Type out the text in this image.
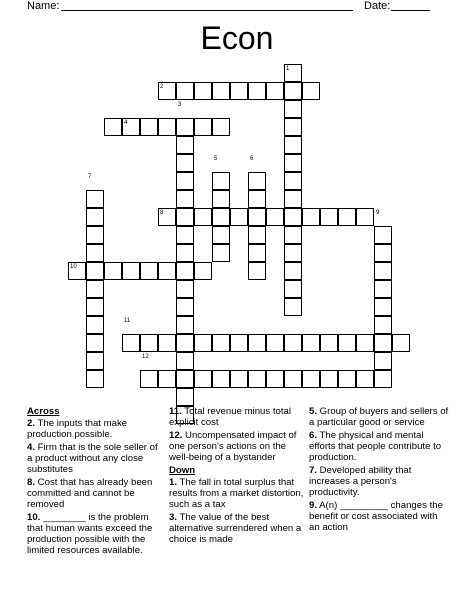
Name:	Date:
Econ
1
2
3
4
5	6
7
8	9
10
11
12
Across
2. The inputs that make production possible.
4. Firm that is the sole seller of a product without any close substitutes
8. Cost that has already been committed and cannot be removed
10. ________ is the problem that human wants exceed the production possible with the limited resources available.
11. Total revenue minus total explicit cost
12. Uncompensated impact of one person's actions on the well-being of a bystander
Down
1. The fall in total surplus that results from a market distortion, such as a tax
3. The value of the best alternative surrendered when a choice is made
5. Group of buyers and sellers of a particular good or service
6. The physical and mental efforts that people contribute to production.
7. Developed ability that increases a person's productivity.
9. A(n) _________ changes the benefit or cost associated with an action
